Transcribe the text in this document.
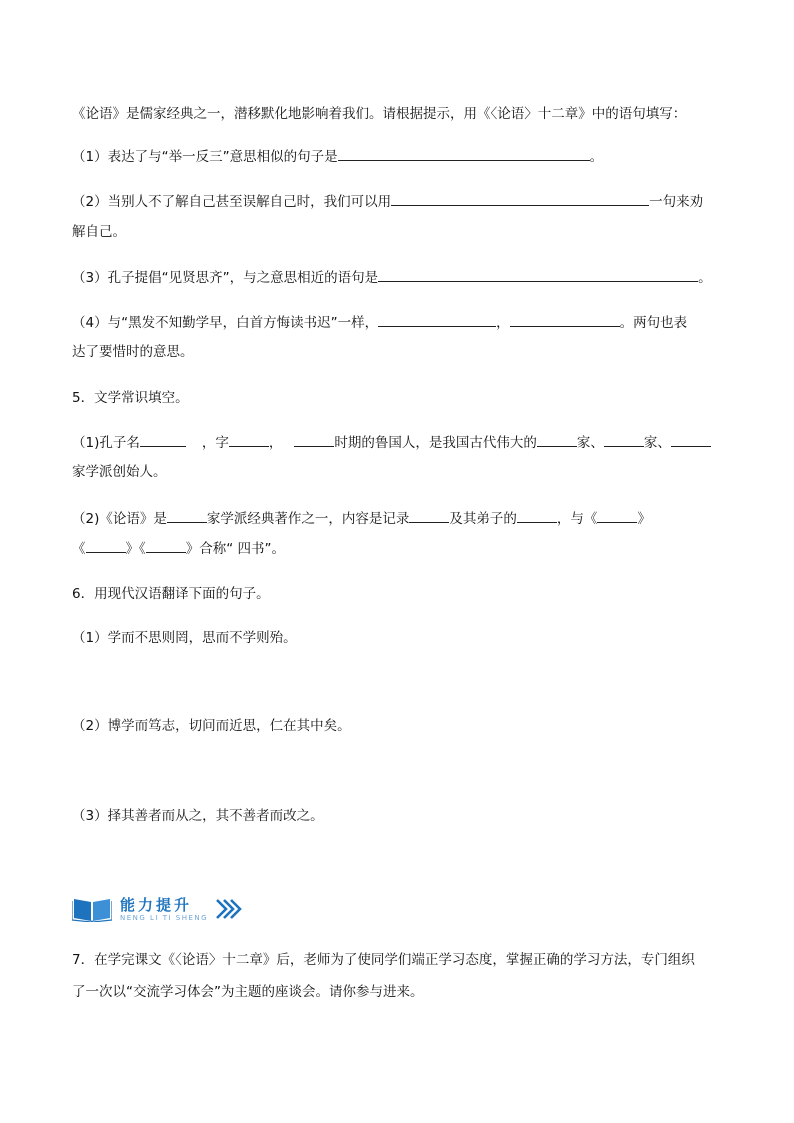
《论语》是儒家经典之一，潜移默化地影响着我们。请根据提示，用《〈论语〉十二章》中的语句填写：
（1）表达了与“举一反三”意思相似的句子是	。
（2）当别人不了解自己甚至误解自己时，我们可以用	一句来劝
解自己。
（3）孔子提倡“见贤思齐”，与之意思相近的语句是	。
（4）与“黑发不知勤学早，白首方悔读书迟”一样，	，	。两句也表
达了要惜时的意思。
5．文学常识填空。
（1)孔子名	，字	，	时期的鲁国人，是我国古代伟大的	家、	家、
家学派创始人。
（2)《论语》是	家学派经典著作之一，内容是记录	及其弟子的	，与《	》
《	》《	》合称“ 四书”。
6．用现代汉语翻译下面的句子。
（1）学而不思则罔，思而不学则殆。
（2）博学而笃志，切问而近思，仁在其中矣。
（3）择其善者而从之，其不善者而改之。
能力提升
NENG LI TI SHENG
7．在学完课文《〈论语〉十二章》后，老师为了使同学们端正学习态度，掌握正确的学习方法，专门组织
了一次以“交流学习体会”为主题的座谈会。请你参与进来。
